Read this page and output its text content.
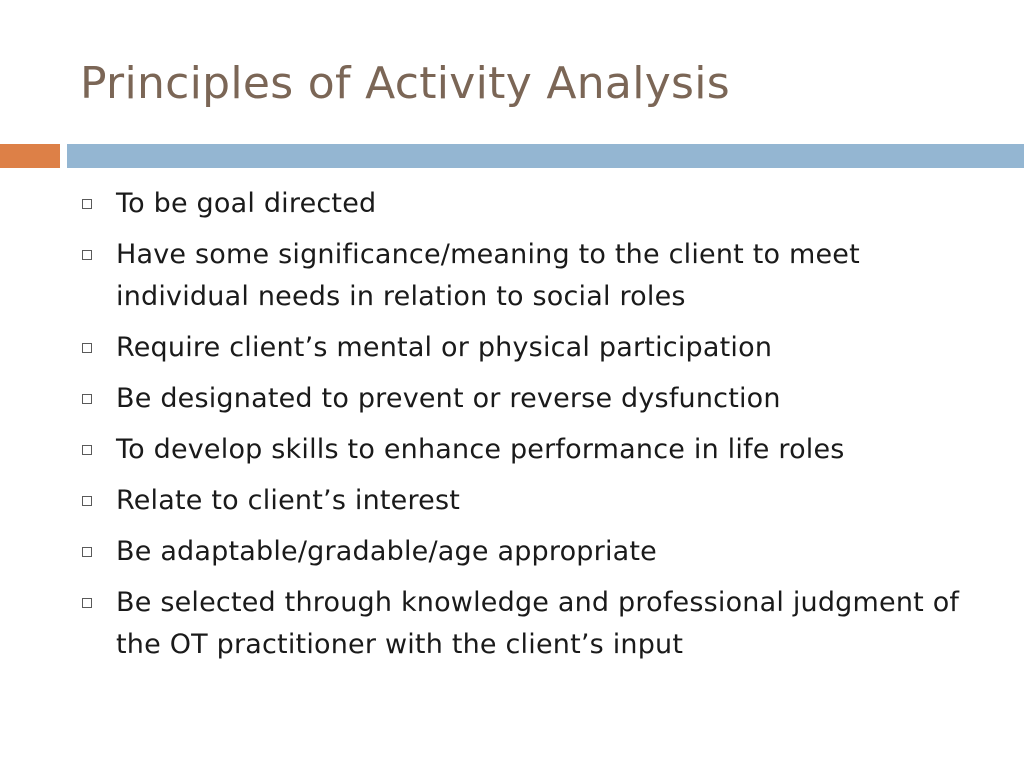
Principles of Activity Analysis
To be goal directed
Have some significance/meaning to the client to meet individual needs in relation to social roles
Require client’s mental or physical participation
Be designated to prevent or reverse dysfunction
To develop skills to enhance performance in life roles
Relate to client’s interest
Be adaptable/gradable/age appropriate
Be selected through knowledge and professional judgment of the OT practitioner with the client’s input
